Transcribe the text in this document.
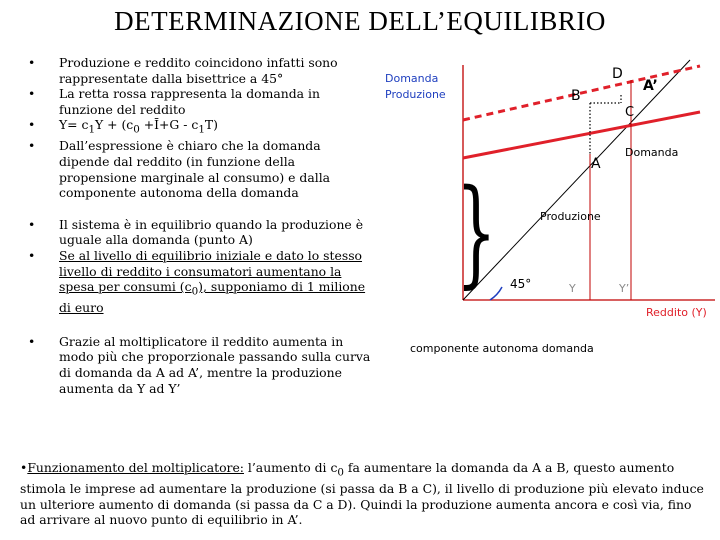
DETERMINAZIONE DELL’EQUILIBRIO
• Produzione e reddito coincidono infatti sono rappresentate dalla bisettrice a 45°
• La retta rossa rappresenta la domanda in funzione del reddito
• $Y= c_1Y + (c_0$ +Ī+G - $c_1T$)
• Dall’espressione è chiaro che la domanda dipende dal reddito (in funzione della propensione marginale al consumo) e dalla componente autonoma della domanda
• Il sistema è in equilibrio quando la produzione è uguale alla domanda (punto A)
• Se al livello di equilibrio iniziale e dato lo stesso livello di reddito i consumatori aumentano la spesa per consumi $(c_0)$, supponiamo di 1 milione di euro
• Grazie al moltiplicatore il reddito aumenta in modo più che proporzionale passando sulla curva di domanda da A ad A’, mentre la produzione aumenta da Y ad Y’
}
Domanda
Produzione
Reddito (Y)
D
A’
B
C
A
Domanda
Produzione
45°	Y	Y’
componente autonoma domanda
•Funzionamento del moltiplicatore: l’aumento di $c_0$ fa aumentare la domanda da A a B, questo aumento stimola le imprese ad aumentare la produzione (si passa da B a C), il livello di produzione più elevato induce un ulteriore aumento di domanda (si passa da C a D). Quindi la produzione aumenta ancora e così via, fino ad arrivare al nuovo punto di equilibrio in A’.
